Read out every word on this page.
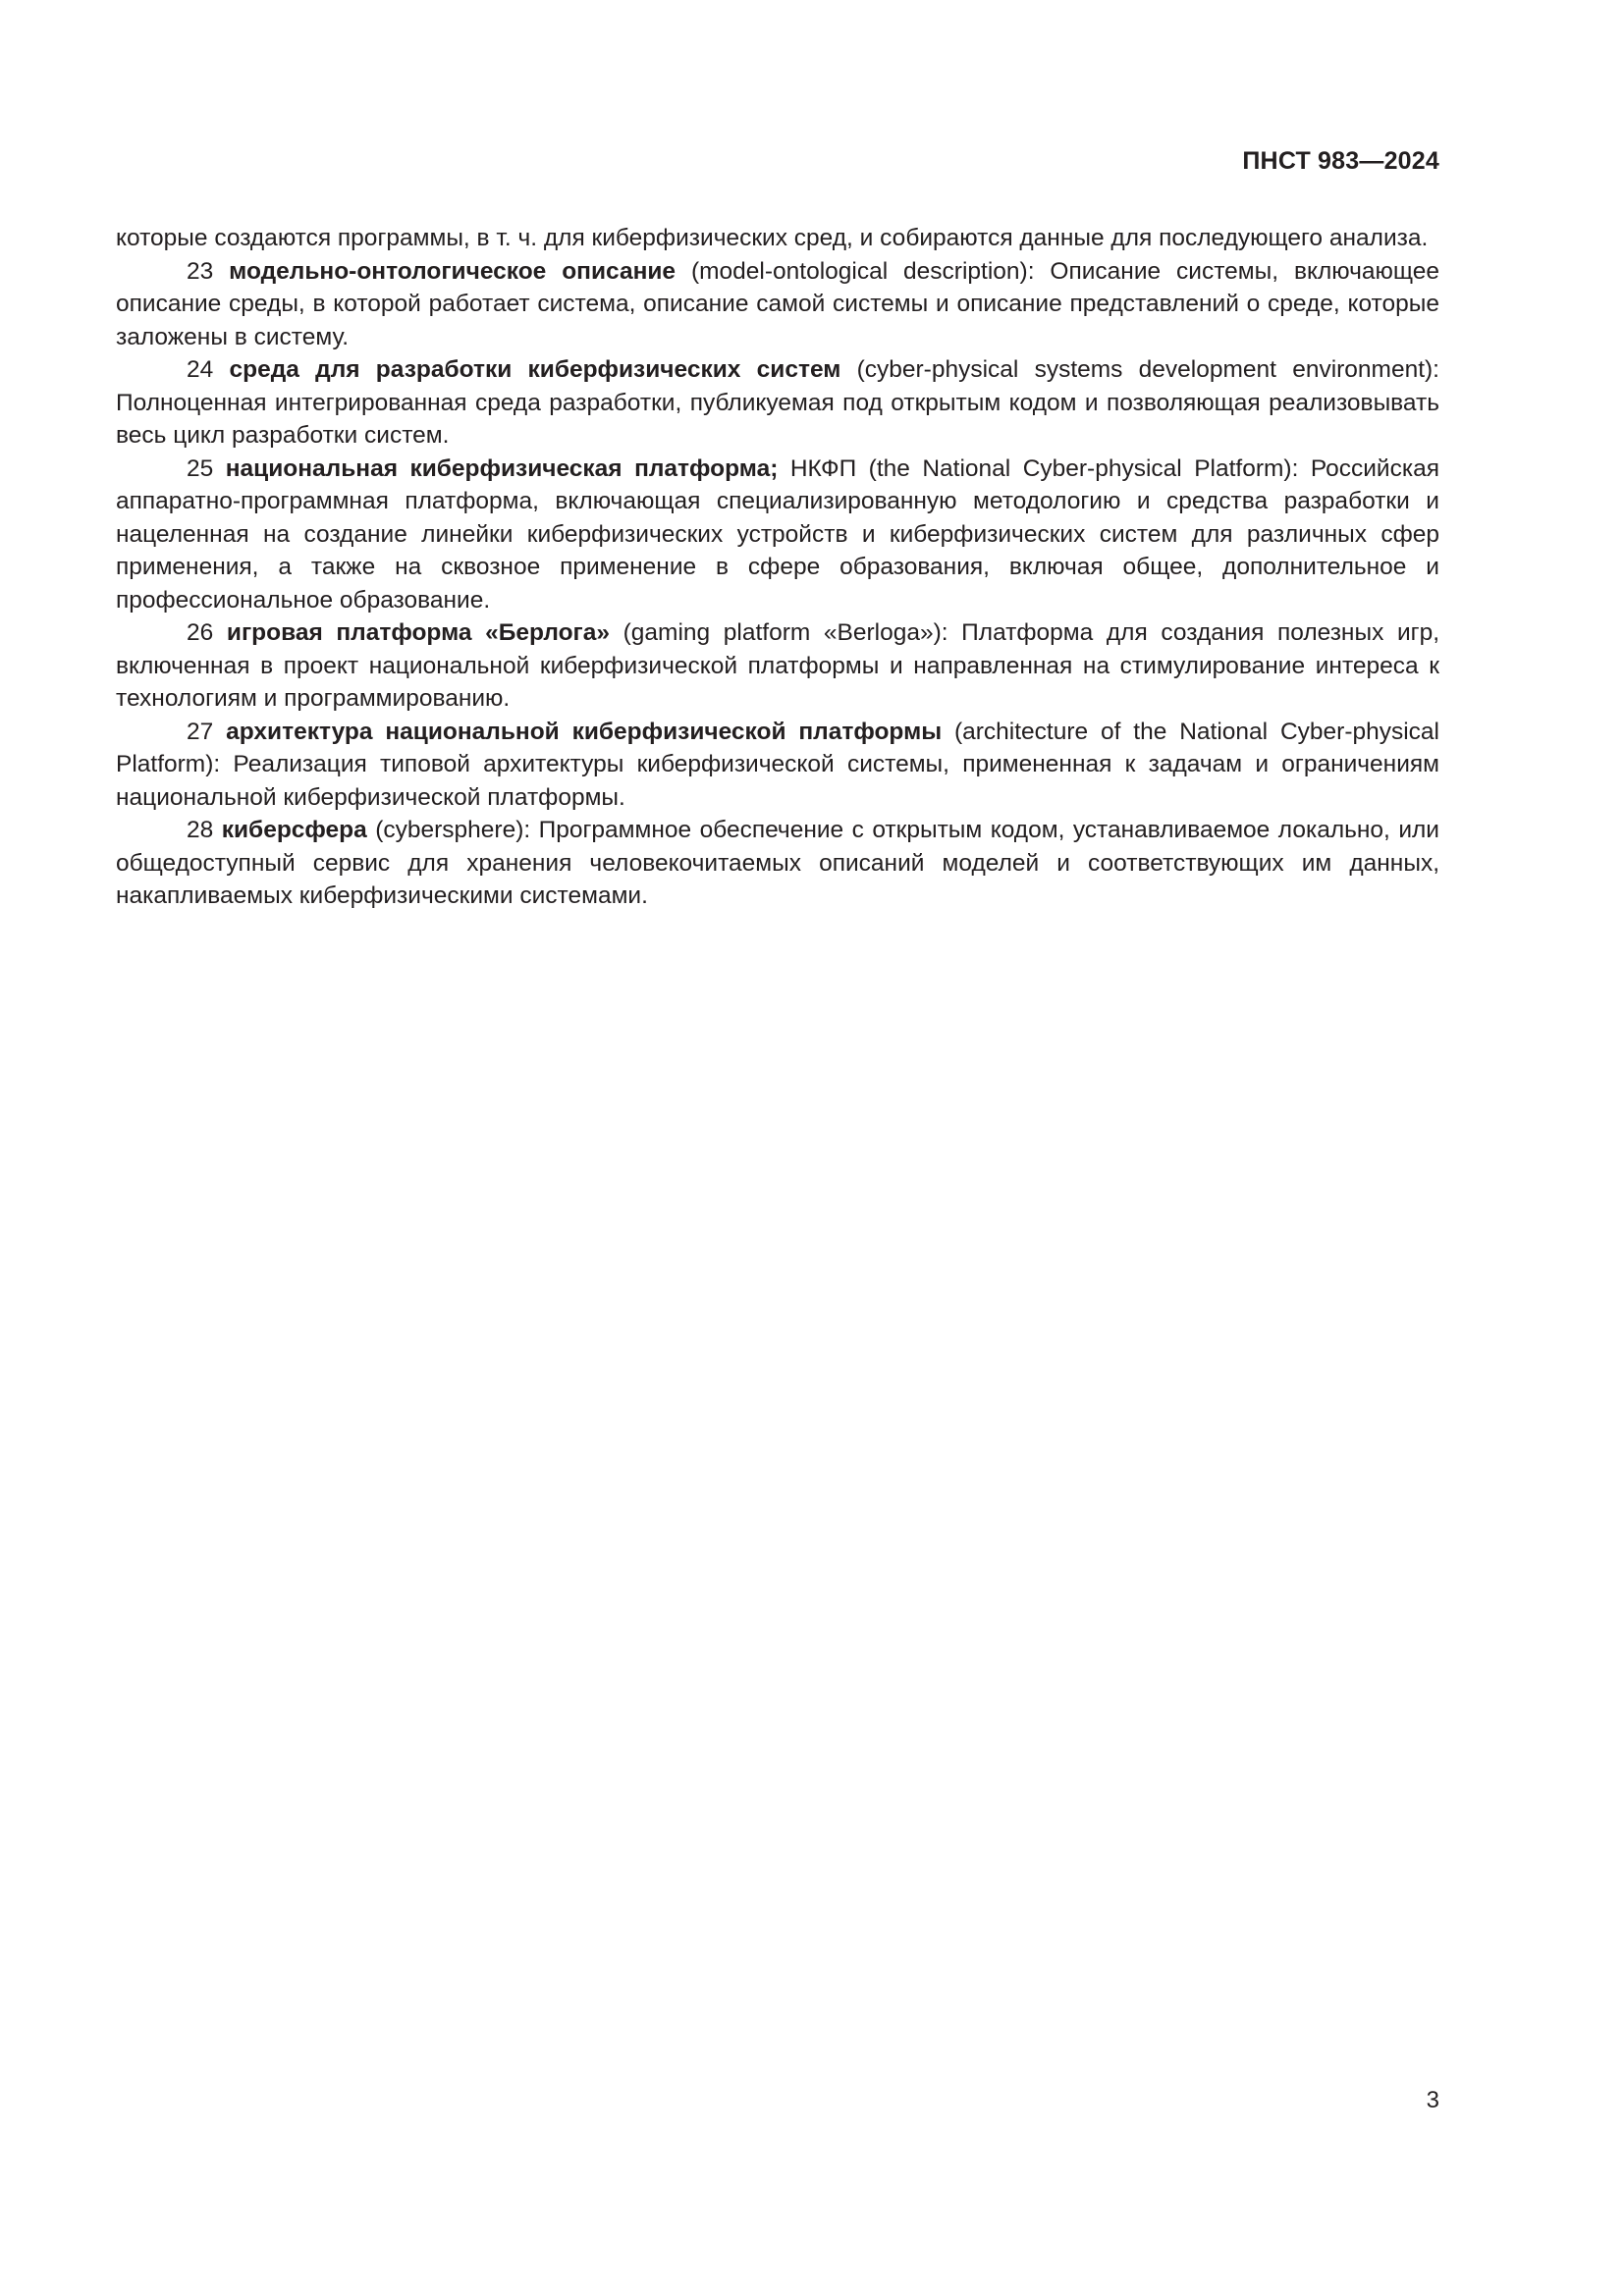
ПНСТ 983—2024

которые создаются программы, в т. ч. для киберфизических сред, и собираются данные для последующего анализа.

23 модельно-онтологическое описание (model-ontological description): Описание системы, включающее описание среды, в которой работает система, описание самой системы и описание представлений о среде, которые заложены в систему.

24 среда для разработки киберфизических систем (cyber-physical systems development environment): Полноценная интегрированная среда разработки, публикуемая под открытым кодом и позволяющая реализовывать весь цикл разработки систем.

25 национальная киберфизическая платформа; НКФП (the National Cyber-physical Platform): Российская аппаратно-программная платформа, включающая специализированную методологию и средства разработки и нацеленная на создание линейки киберфизических устройств и киберфизических систем для различных сфер применения, а также на сквозное применение в сфере образования, включая общее, дополнительное и профессиональное образование.

26 игровая платформа «Берлога» (gaming platform «Berloga»): Платформа для создания полезных игр, включенная в проект национальной киберфизической платформы и направленная на стимулирование интереса к технологиям и программированию.

27 архитектура национальной киберфизической платформы (architecture of the National Cyber-physical Platform): Реализация типовой архитектуры киберфизической системы, примененная к задачам и ограничениям национальной киберфизической платформы.

28 киберсфера (cybersphere): Программное обеспечение с открытым кодом, устанавливаемое локально, или общедоступный сервис для хранения человекочитаемых описаний моделей и соответствующих им данных, накапливаемых киберфизическими системами.

3
